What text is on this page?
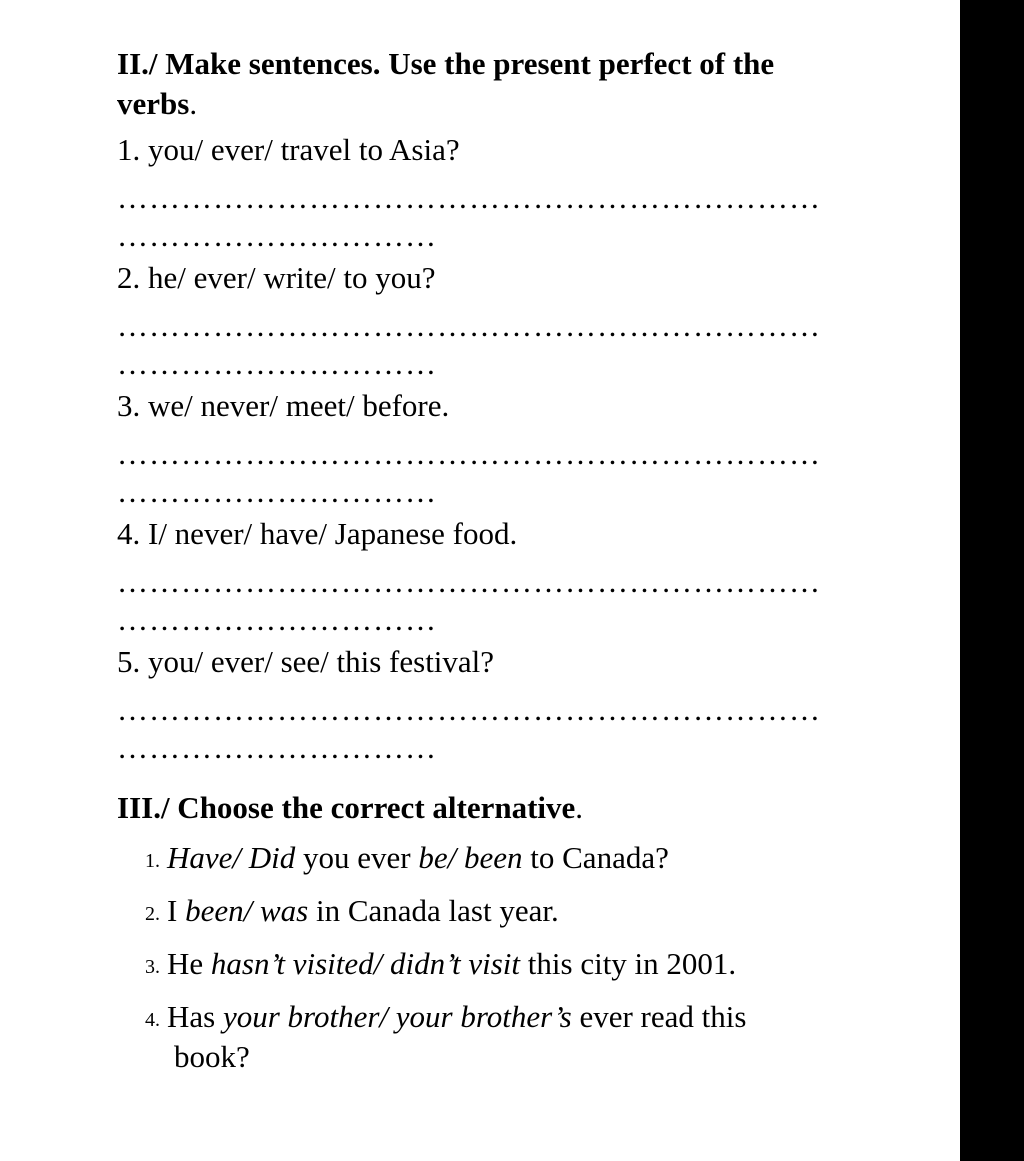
II./ Make sentences. Use the present perfect of the verbs.

1. you/ ever/ travel to Asia?
…………………………………………………………
…………………………
2. he/ ever/ write/ to you?
…………………………………………………………
…………………………
3. we/ never/ meet/ before.
…………………………………………………………
…………………………
4. I/ never/ have/ Japanese food.
…………………………………………………………
…………………………
5. you/ ever/ see/ this festival?
…………………………………………………………
…………………………

III./ Choose the correct alternative.

1. Have/ Did you ever be/ been to Canada?
2. I been/ was in Canada last year.
3. He hasn’t visited/ didn’t visit this city in 2001.
4. Has your brother/ your brother’s ever read this
book?
